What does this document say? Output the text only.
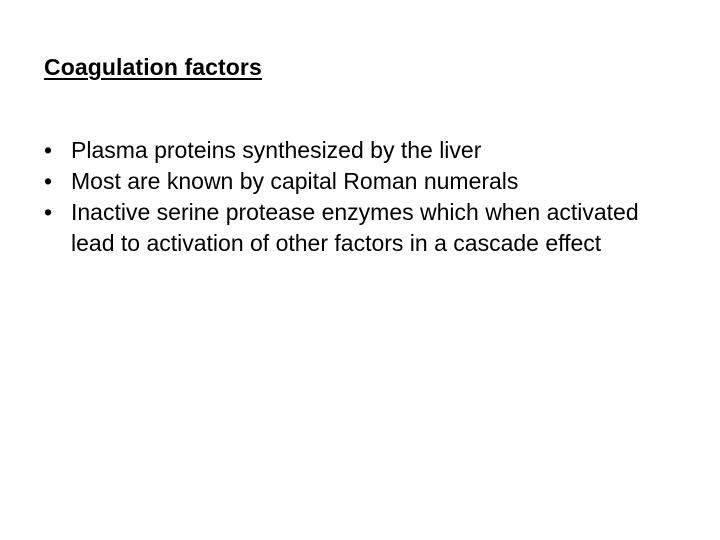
Coagulation factors
• Plasma proteins synthesized by the liver
• Most are known by capital Roman numerals
• Inactive serine protease enzymes which when activated lead to activation of other factors in a cascade effect
